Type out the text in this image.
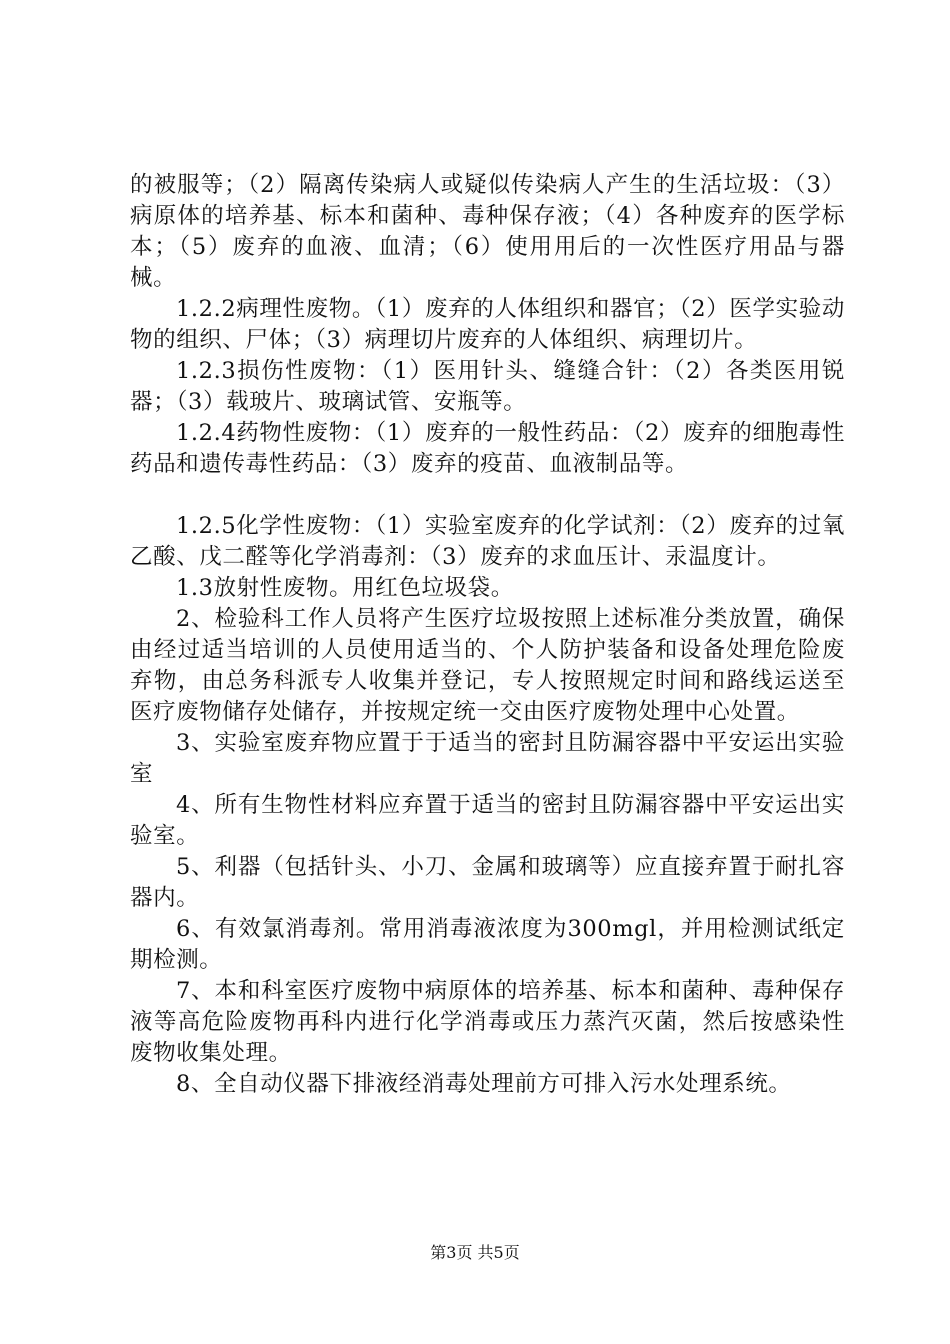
的被服等；（2）隔离传染病人或疑似传染病人产生的生活垃圾：（3）病原体的培养基、标本和菌种、毒种保存液；（4）各种废弃的医学标本；（5）废弃的血液、血清；（6）使用用后的一次性医疗用品与器械。

1.2.2病理性废物。（1）废弃的人体组织和器官；（2）医学实验动物的组织、尸体；（3）病理切片废弃的人体组织、病理切片。

1.2.3损伤性废物：（1）医用针头、缝缝合针：（2）各类医用锐器；（3）载玻片、玻璃试管、安瓶等。

1.2.4药物性废物：（1）废弃的一般性药品：（2）废弃的细胞毒性药品和遗传毒性药品：（3）废弃的疫苗、血液制品等。

1.2.5化学性废物：（1）实验室废弃的化学试剂：（2）废弃的过氧乙酸、戊二醛等化学消毒剂：（3）废弃的求血压计、汞温度计。

1.3放射性废物。用红色垃圾袋。

2、检验科工作人员将产生医疗垃圾按照上述标准分类放置，确保由经过适当培训的人员使用适当的、个人防护装备和设备处理危险废弃物，由总务科派专人收集并登记，专人按照规定时间和路线运送至医疗废物储存处储存，并按规定统一交由医疗废物处理中心处置。

3、实验室废弃物应置于于适当的密封且防漏容器中平安运出实验室

4、所有生物性材料应弃置于适当的密封且防漏容器中平安运出实验室。

5、利器（包括针头、小刀、金属和玻璃等）应直接弃置于耐扎容器内。

6、有效氯消毒剂。常用消毒液浓度为300mgl，并用检测试纸定期检测。

7、本和科室医疗废物中病原体的培养基、标本和菌种、毒种保存液等高危险废物再科内进行化学消毒或压力蒸汽灭菌，然后按感染性废物收集处理。

8、全自动仪器下排液经消毒处理前方可排入污水处理系统。

第3页 共5页
